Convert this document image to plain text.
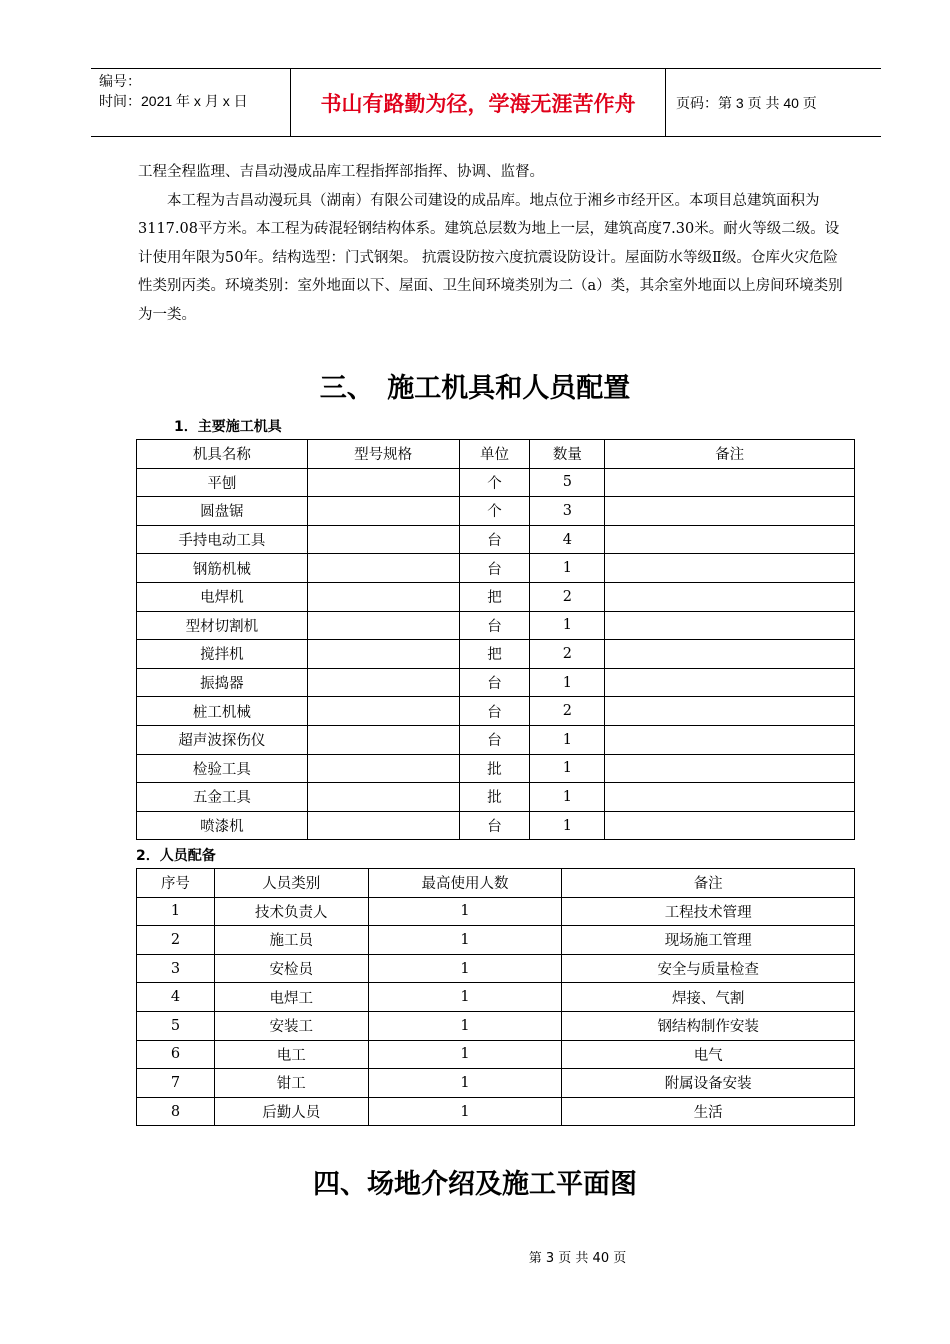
编号：
时间：2021 年 x 月 x 日	书山有路勤为径，学海无涯苦作舟	页码：第 3 页 共 40 页

工程全程监理、吉昌动漫成品库工程指挥部指挥、协调、监督。

　　本工程为吉昌动漫玩具（湖南）有限公司建设的成品库。地点位于湘乡市经开区。本项目总建筑面积为3117.08平方米。本工程为砖混轻钢结构体系。建筑总层数为地上一层，建筑高度7.30米。耐火等级二级。设计使用年限为50年。结构选型：门式钢架。 抗震设防按六度抗震设防设计。屋面防水等级Ⅱ级。仓库火灾危险性类别丙类。环境类别：室外地面以下、屋面、卫生间环境类别为二（a）类，其余室外地面以上房间环境类别为一类。

三、　施工机具和人员配置
1．主要施工机具
机具名称	型号规格	单位	数量	备注
平刨		个	5	
圆盘锯		个	3	
手持电动工具		台	4	
钢筋机械		台	1	
电焊机		把	2	
型材切割机		台	1	
搅拌机		把	2	
振捣器		台	1	
桩工机械		台	2	
超声波探伤仪		台	1	
检验工具		批	1	
五金工具		批	1	
喷漆机		台	1	
2．人员配备
序号	人员类别	最高使用人数	备注
1	技术负责人	1	工程技术管理
2	施工员	1	现场施工管理
3	安检员	1	安全与质量检查
4	电焊工	1	焊接、气割
5	安装工	1	钢结构制作安装
6	电工	1	电气
7	钳工	1	附属设备安装
8	后勤人员	1	生活
四、场地介绍及施工平面图
第 3 页 共 40 页
